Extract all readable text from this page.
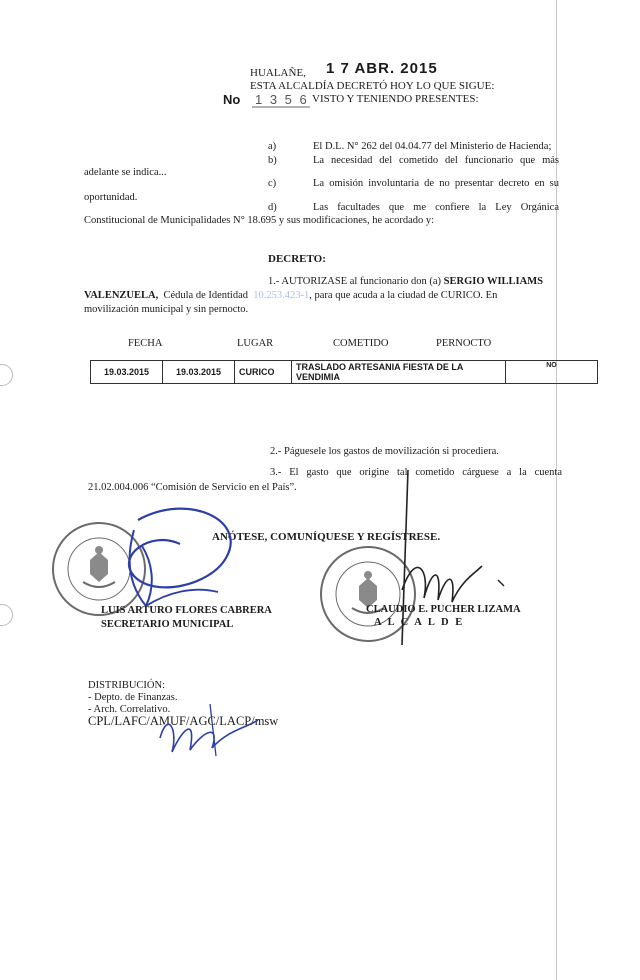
HUALAÑE, 1 7 ABR. 2015
ESTA ALCALDÍA DECRETÓ HOY LO QUE SIGUE:
No 1 3 5 6 VISTO Y TENIENDO PRESENTES:
a)	El D.L. N° 262 del 04.04.77 del Ministerio de Hacienda;
b)	La necesidad del cometido del funcionario que más
adelante se indica...
c)	La omisión involuntaria de no presentar decreto en su
oportunidad.
d)	Las facultades que me confiere la Ley Orgánica
Constitucional de Municipalidades N° 18.695 y sus modificaciones, he acordado y:
DECRETO:
1.- AUTORIZASE al funcionario don (a) SERGIO WILLIAMS
VALENZUELA, Cédula de Identidad 10.253.423-1, para que acuda a la ciudad de CURICO. En
movilización municipal y sin pernocto.
FECHA	LUGAR	COMETIDO	PERNOCTO
19.03.2015	19.03.2015	CURICO	TRASLADO ARTESANIA FIESTA DE LA VENDIMIA	NO
2.- Páguesele los gastos de movilización si procediera.
3.- El gasto que origine tal cometido cárguese a la cuenta
21.02.004.006 “Comisión de Servicio en el País”.
ANÓTESE, COMUNÍQUESE Y REGÍSTRESE.
LUIS ARTURO FLORES CABRERA
SECRETARIO MUNICIPAL
CLAUDIO E. PUCHER LIZAMA
A L C A L D E
DISTRIBUCIÓN:
- Depto. de Finanzas.
- Arch. Correlativo.
CPL/LAFC/AMUF/AGC/LACP/msw
